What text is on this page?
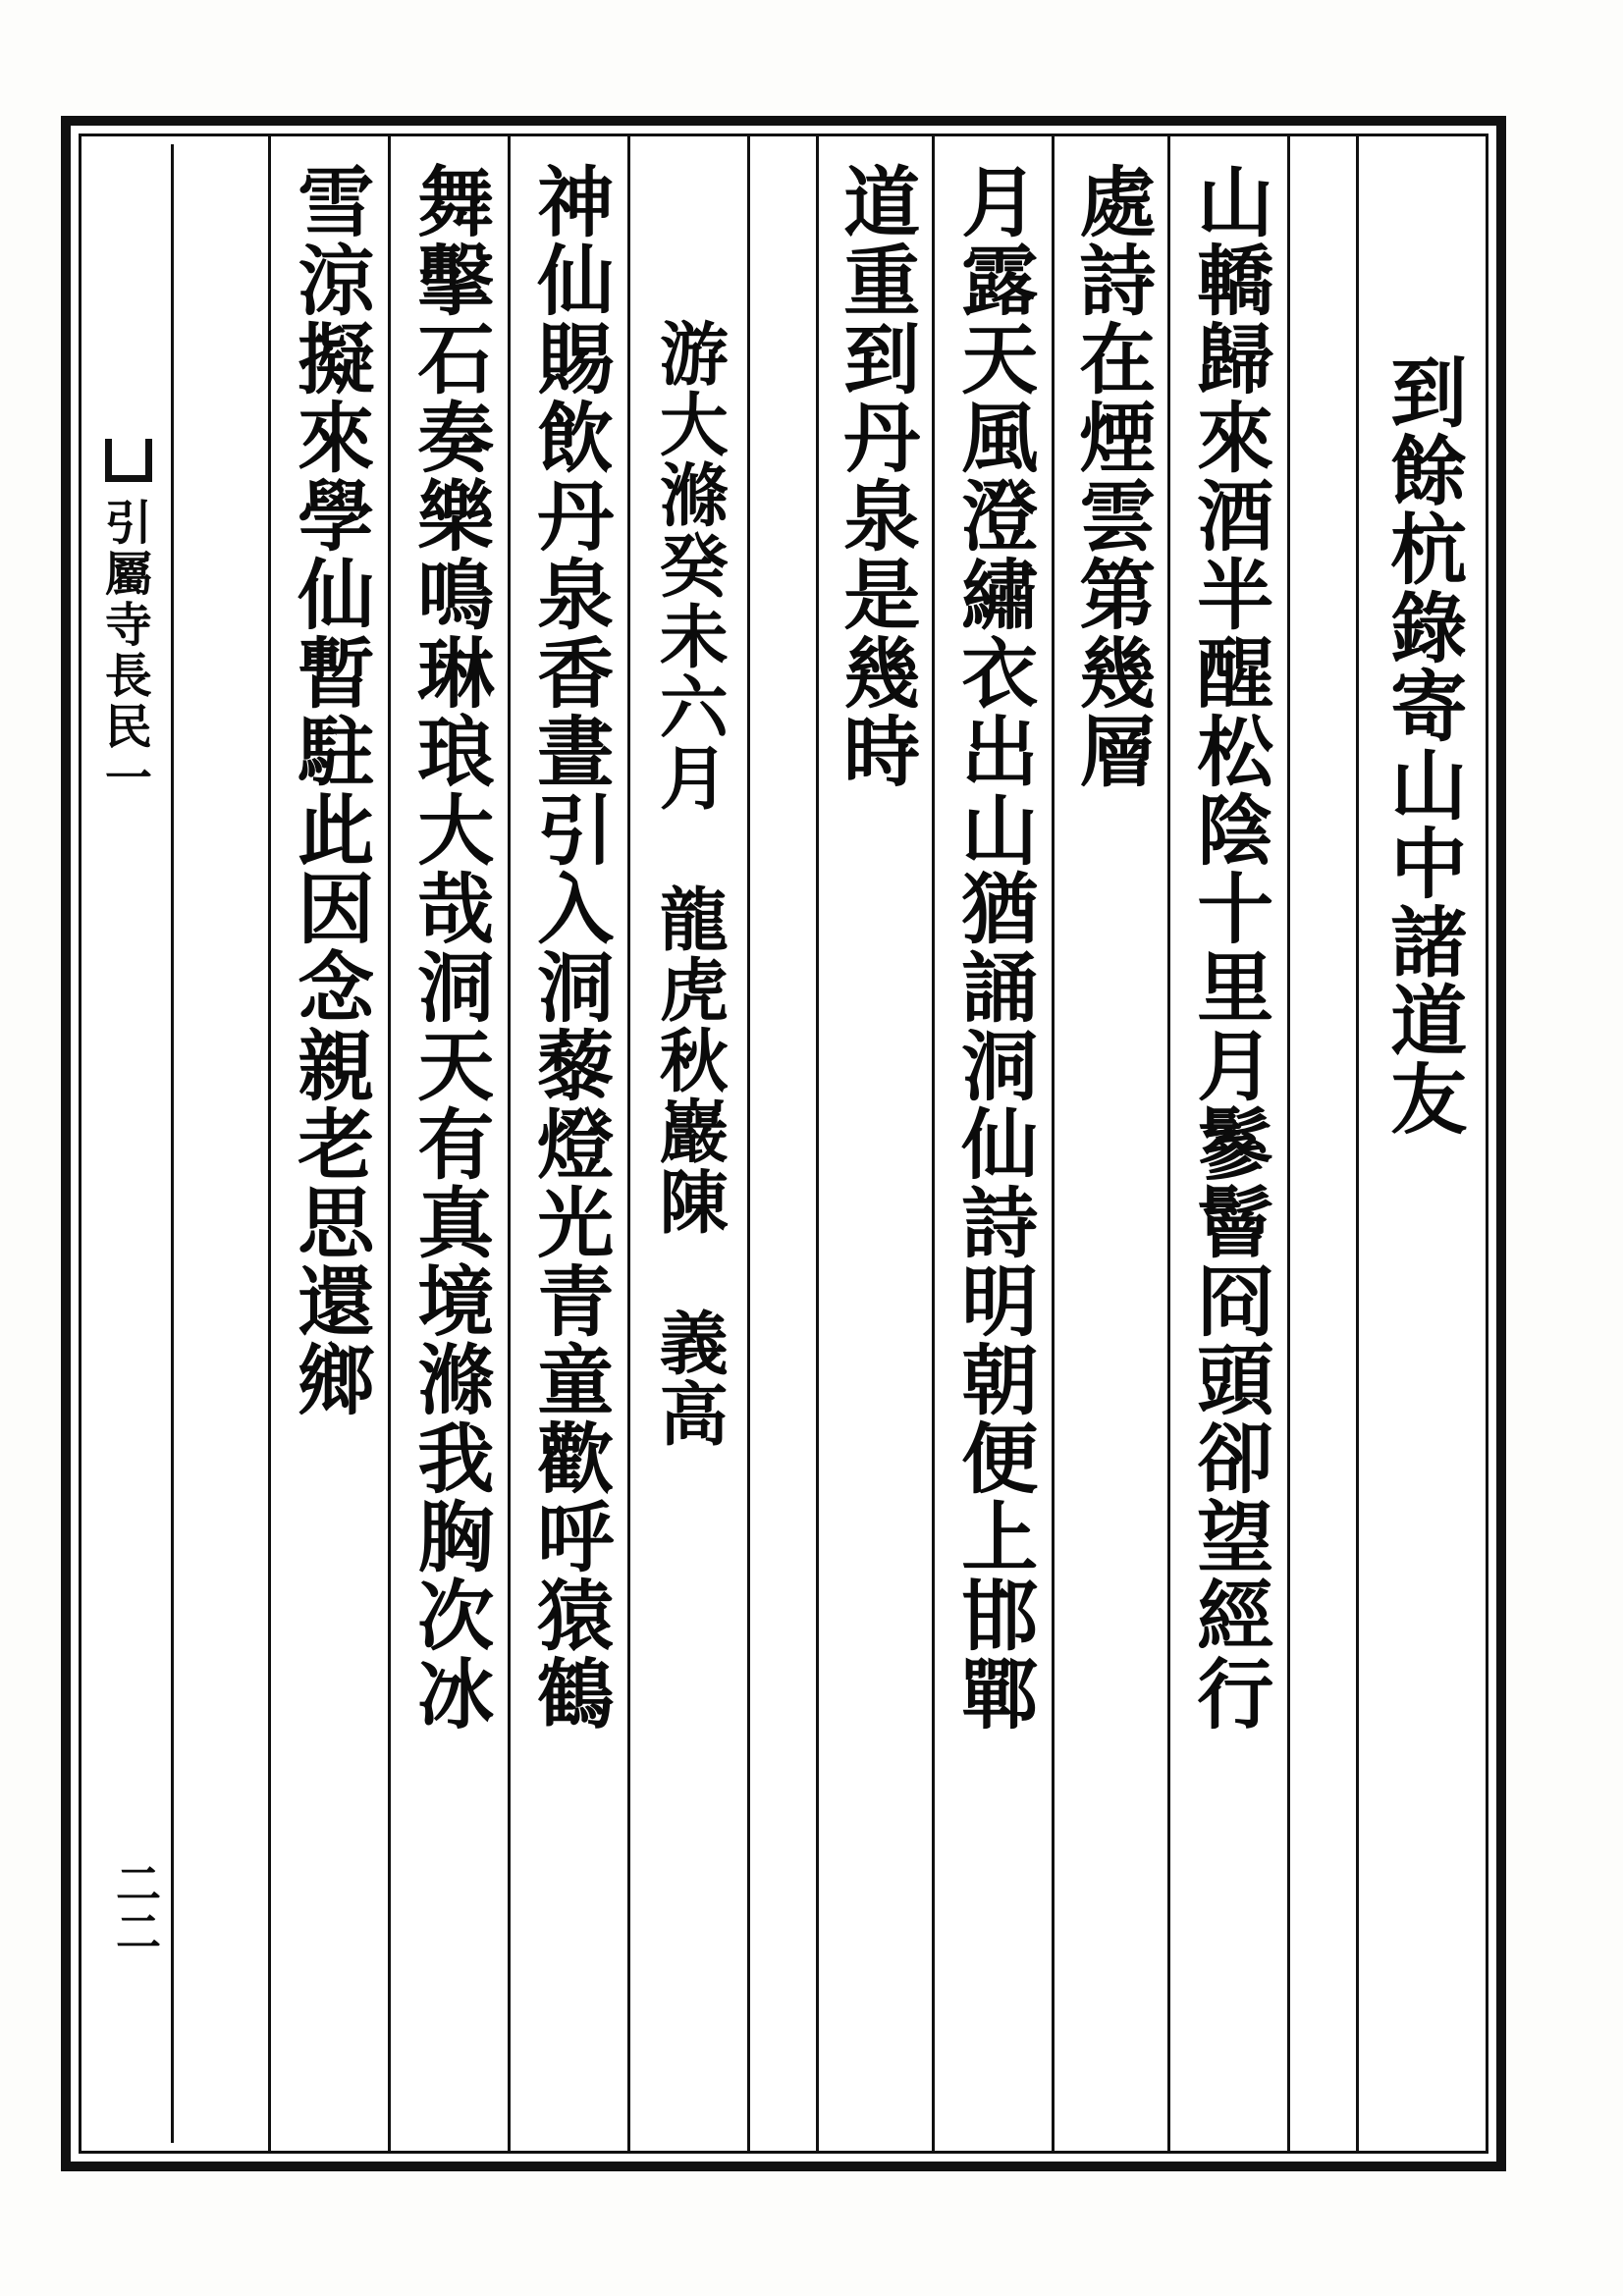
到餘杭錄寄山中諸道友
山轎歸來酒半醒松陰十里月鬖鬙冏頭卻望經行
處詩在煙雲第幾層
月露天風澄繡衣出山猶誦洞仙詩明朝便上邯鄲
道重到丹泉是幾時
游大滌癸未六月　龍虎秋巖陳　義高
神仙賜飲丹泉香晝引入洞藜燈光青童歡呼猿鶴
舞擊石奏樂鳴琳琅大哉洞天有真境滌我胸次冰
雪涼擬來學仙暫駐此因念親老思還鄉
引屬寺長民一
二二
